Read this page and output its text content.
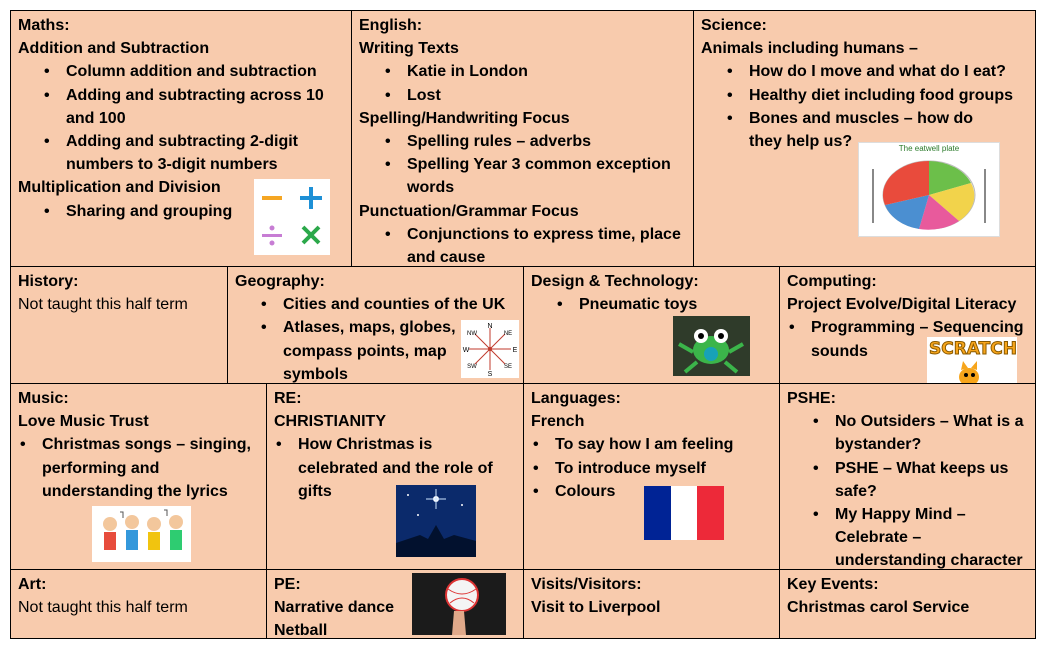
Maths:
Addition and Subtraction
• Column addition and subtraction
• Adding and subtracting across 10 and 100
• Adding and subtracting 2-digit numbers to 3-digit numbers
Multiplication and Division
• Sharing and grouping
English:
Writing Texts
• Katie in London
• Lost
Spelling/Handwriting Focus
• Spelling rules – adverbs
• Spelling Year 3 common exception words
Punctuation/Grammar Focus
• Conjunctions to express time, place and cause
Science:
Animals including humans –
• How do I move and what do I eat?
• Healthy diet including food groups
• Bones and muscles – how do they help us?	The eatwell plate
History:
Not taught this half term
Geography:
• Cities and counties of the UK
• Atlases, maps, globes, compass points, map symbols
N
NE
E
SE
S
SW
W
NW
Design & Technology:
• Pneumatic toys
Computing:
Project Evolve/Digital Literacy
• Programming – Sequencing sounds	SCRATCH
Music:
Love Music Trust
• Christmas songs – singing, performing and understanding the lyrics
RE:
CHRISTIANITY
• How Christmas is celebrated and the role of gifts
Languages:
French
• To say how I am feeling
• To introduce myself
• Colours
PSHE:
• No Outsiders – What is a bystander?
• PSHE – What keeps us safe?
• My Happy Mind – Celebrate – understanding character
Art:
Not taught this half term
PE:
Narrative dance
Netball
Visits/Visitors:
Visit to Liverpool
Key Events:
Christmas carol Service
